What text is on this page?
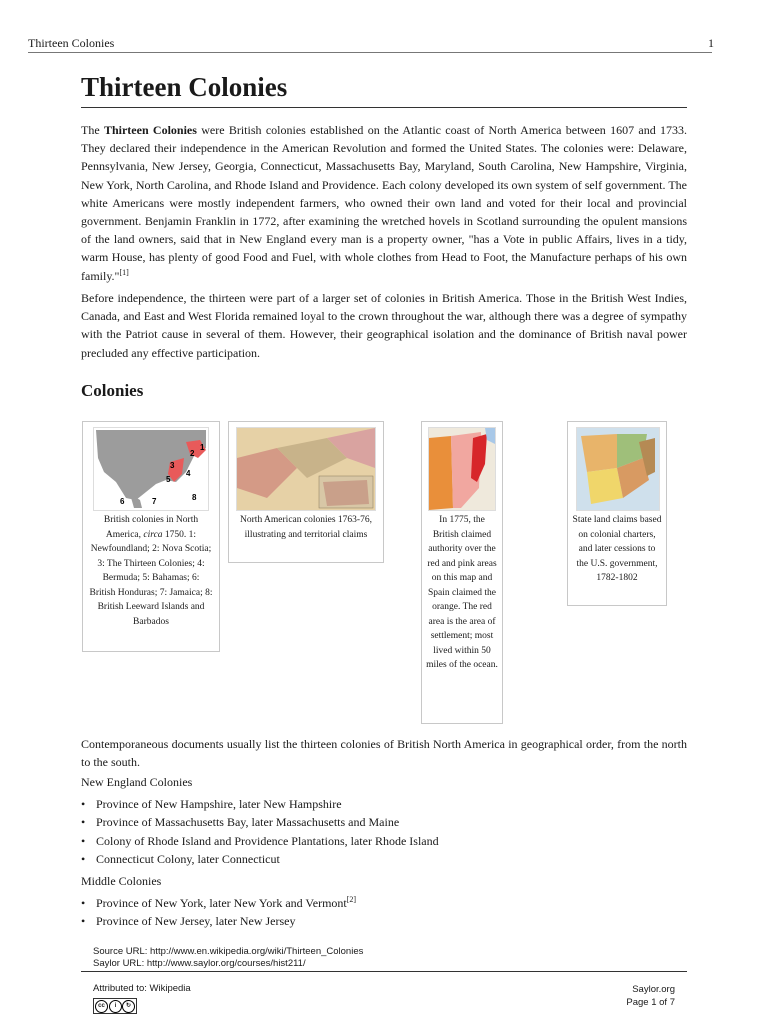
Thirteen Colonies	1
Thirteen Colonies

The Thirteen Colonies were British colonies established on the Atlantic coast of North America between 1607 and 1733. They declared their independence in the American Revolution and formed the United States. The colonies were: Delaware, Pennsylvania, New Jersey, Georgia, Connecticut, Massachusetts Bay, Maryland, South Carolina, New Hampshire, Virginia, New York, North Carolina, and Rhode Island and Providence. Each colony developed its own system of self government. The white Americans were mostly independent farmers, who owned their own land and voted for their local and provincial government. Benjamin Franklin in 1772, after examining the wretched hovels in Scotland surrounding the opulent mansions of the land owners, said that in New England every man is a property owner, "has a Vote in public Affairs, lives in a tidy, warm House, has plenty of good Food and Fuel, with whole clothes from Head to Foot, the Manufacture perhaps of his own family."[1]

Before independence, the thirteen were part of a larger set of colonies in British America. Those in the British West Indies, Canada, and East and West Florida remained loyal to the crown throughout the war, although there was a degree of sympathy with the Patriot cause in several of them. However, their geographical isolation and the dominance of British naval power precluded any effective participation.

Colonies
1
2
3
4
5
6	7	8
British colonies in North America, circa 1750. 1: Newfoundland; 2: Nova Scotia; 3: The Thirteen Colonies; 4: Bermuda; 5: Bahamas; 6: British Honduras; 7: Jamaica; 8: British Leeward Islands and Barbados
North American colonies 1763-76, illustrating and territorial claims
In 1775, the British claimed authority over the red and pink areas on this map and Spain claimed the orange. The red area is the area of settlement; most lived within 50 miles of the ocean.
State land claims based on colonial charters, and later cessions to the U.S. government, 1782-1802

Contemporaneous documents usually list the thirteen colonies of British North America in geographical order, from the north to the south.

New England Colonies
• Province of New Hampshire, later New Hampshire
• Province of Massachusetts Bay, later Massachusetts and Maine
• Colony of Rhode Island and Providence Plantations, later Rhode Island
• Connecticut Colony, later Connecticut
Middle Colonies
• Province of New York, later New York and Vermont[2]
• Province of New Jersey, later New Jersey
Source URL: http://www.en.wikipedia.org/wiki/Thirteen_Colonies
Saylor URL: http://www.saylor.org/courses/hist211/
Attributed to: Wikipedia
cc	i	↻
Saylor.org
Page 1 of 7
